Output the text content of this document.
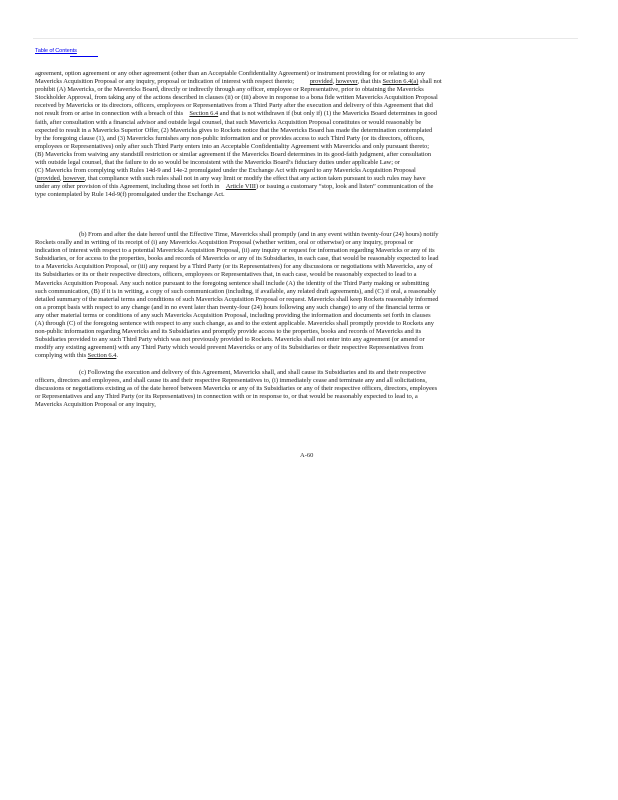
Table of Contents

agreement, option agreement or any other agreement (other than an Acceptable Confidentiality Agreement) or instrument providing for or relating to any

Mavericks Acquisition Proposal or any inquiry, proposal or indication of interest with respect thereto; provided, however, that this Section 6.4(a) shall not

prohibit (A) Mavericks, or the Mavericks Board, directly or indirectly through any officer, employee or Representative, prior to obtaining the Mavericks

Stockholder Approval, from taking any of the actions described in clauses (ii) or (iii) above in response to a bona fide written Mavericks Acquisition Proposal

received by Mavericks or its directors, officers, employees or Representatives from a Third Party after the execution and delivery of this Agreement that did

not result from or arise in connection with a breach of this Section 6.4 and that is not withdrawn if (but only if) (1) the Mavericks Board determines in good

faith, after consultation with a financial advisor and outside legal counsel, that such Mavericks Acquisition Proposal constitutes or would reasonably be

expected to result in a Mavericks Superior Offer, (2) Mavericks gives to Rockets notice that the Mavericks Board has made the determination contemplated

by the foregoing clause (1), and (3) Mavericks furnishes any non-public information and or provides access to such Third Party (or its directors, officers,

employees or Representatives) only after such Third Party enters into an Acceptable Confidentiality Agreement with Mavericks and only pursuant thereto;

(B) Mavericks from waiving any standstill restriction or similar agreement if the Mavericks Board determines in its good-faith judgment, after consultation

with outside legal counsel, that the failure to do so would be inconsistent with the Mavericks Board’s fiduciary duties under applicable Law; or

(C) Mavericks from complying with Rules 14d-9 and 14e-2 promulgated under the Exchange Act with regard to any Mavericks Acquisition Proposal

(provided, however, that compliance with such rules shall not in any way limit or modify the effect that any action taken pursuant to such rules may have

under any other provision of this Agreement, including those set forth in Article VIII) or issuing a customary “stop, look and listen” communication of the

type contemplated by Rule 14d-9(f) promulgated under the Exchange Act.

(b) From and after the date hereof until the Effective Time, Mavericks shall promptly (and in any event within twenty-four (24) hours) notify

Rockets orally and in writing of its receipt of (i) any Mavericks Acquisition Proposal (whether written, oral or otherwise) or any inquiry, proposal or

indication of interest with respect to a potential Mavericks Acquisition Proposal, (ii) any inquiry or request for information regarding Mavericks or any of its

Subsidiaries, or for access to the properties, books and records of Mavericks or any of its Subsidiaries, in each case, that would be reasonably expected to lead

to a Mavericks Acquisition Proposal, or (iii) any request by a Third Party (or its Representatives) for any discussions or negotiations with Mavericks, any of

its Subsidiaries or its or their respective directors, officers, employees or Representatives that, in each case, would be reasonably expected to lead to a

Mavericks Acquisition Proposal. Any such notice pursuant to the foregoing sentence shall include (A) the identity of the Third Party making or submitting

such communication, (B) if it is in writing, a copy of such communication (including, if available, any related draft agreements), and (C) if oral, a reasonably

detailed summary of the material terms and conditions of such Mavericks Acquisition Proposal or request. Mavericks shall keep Rockets reasonably informed

on a prompt basis with respect to any change (and in no event later than twenty-four (24) hours following any such change) to any of the financial terms or

any other material terms or conditions of any such Mavericks Acquisition Proposal, including providing the information and documents set forth in clauses

(A) through (C) of the foregoing sentence with respect to any such change, as and to the extent applicable. Mavericks shall promptly provide to Rockets any

non-public information regarding Mavericks and its Subsidiaries and promptly provide access to the properties, books and records of Mavericks and its

Subsidiaries provided to any such Third Party which was not previously provided to Rockets. Mavericks shall not enter into any agreement (or amend or

modify any existing agreement) with any Third Party which would prevent Mavericks or any of its Subsidiaries or their respective Representatives from

complying with this Section 6.4.

(c) Following the execution and delivery of this Agreement, Mavericks shall, and shall cause its Subsidiaries and its and their respective

officers, directors and employees, and shall cause its and their respective Representatives to, (i) immediately cease and terminate any and all solicitations,

discussions or negotiations existing as of the date hereof between Mavericks or any of its Subsidiaries or any of their respective officers, directors, employees

or Representatives and any Third Party (or its Representatives) in connection with or in response to, or that would be reasonably expected to lead to, a

Mavericks Acquisition Proposal or any inquiry,

A-60
